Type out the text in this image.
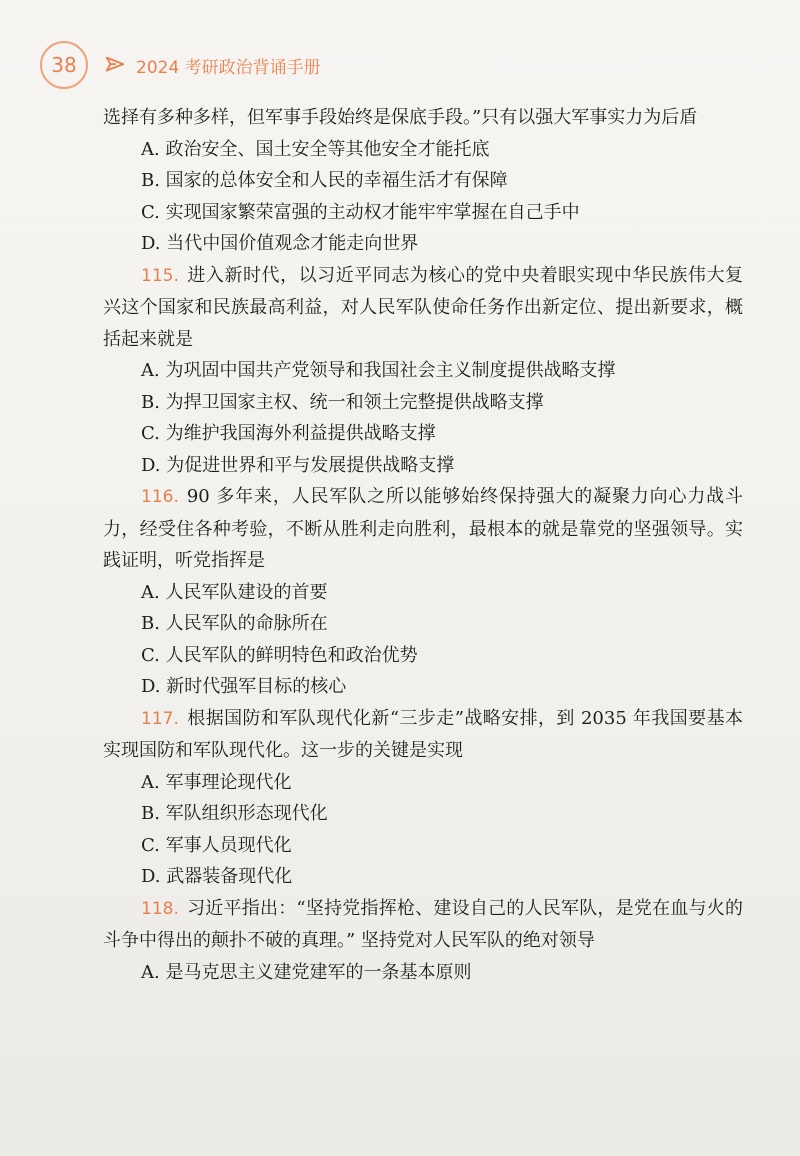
38	2024 考研政治背诵手册

选择有多种多样，但军事手段始终是保底手段。”只有以强大军事实力为后盾

A. 政治安全、国土安全等其他安全才能托底

B. 国家的总体安全和人民的幸福生活才有保障

C. 实现国家繁荣富强的主动权才能牢牢掌握在自己手中

D. 当代中国价值观念才能走向世界

115. 进入新时代，以习近平同志为核心的党中央着眼实现中华民族伟大复兴这个国家和民族最高利益，对人民军队使命任务作出新定位、提出新要求，概括起来就是

A. 为巩固中国共产党领导和我国社会主义制度提供战略支撑

B. 为捍卫国家主权、统一和领土完整提供战略支撑

C. 为维护我国海外利益提供战略支撑

D. 为促进世界和平与发展提供战略支撑

116. 90 多年来，人民军队之所以能够始终保持强大的凝聚力向心力战斗力，经受住各种考验，不断从胜利走向胜利，最根本的就是靠党的坚强领导。实践证明，听党指挥是

A. 人民军队建设的首要

B. 人民军队的命脉所在

C. 人民军队的鲜明特色和政治优势

D. 新时代强军目标的核心

117. 根据国防和军队现代化新“三步走”战略安排，到 2035 年我国要基本实现国防和军队现代化。这一步的关键是实现

A. 军事理论现代化

B. 军队组织形态现代化

C. 军事人员现代化

D. 武器装备现代化

118. 习近平指出：“坚持党指挥枪、建设自己的人民军队，是党在血与火的斗争中得出的颠扑不破的真理。” 坚持党对人民军队的绝对领导

A. 是马克思主义建党建军的一条基本原则
